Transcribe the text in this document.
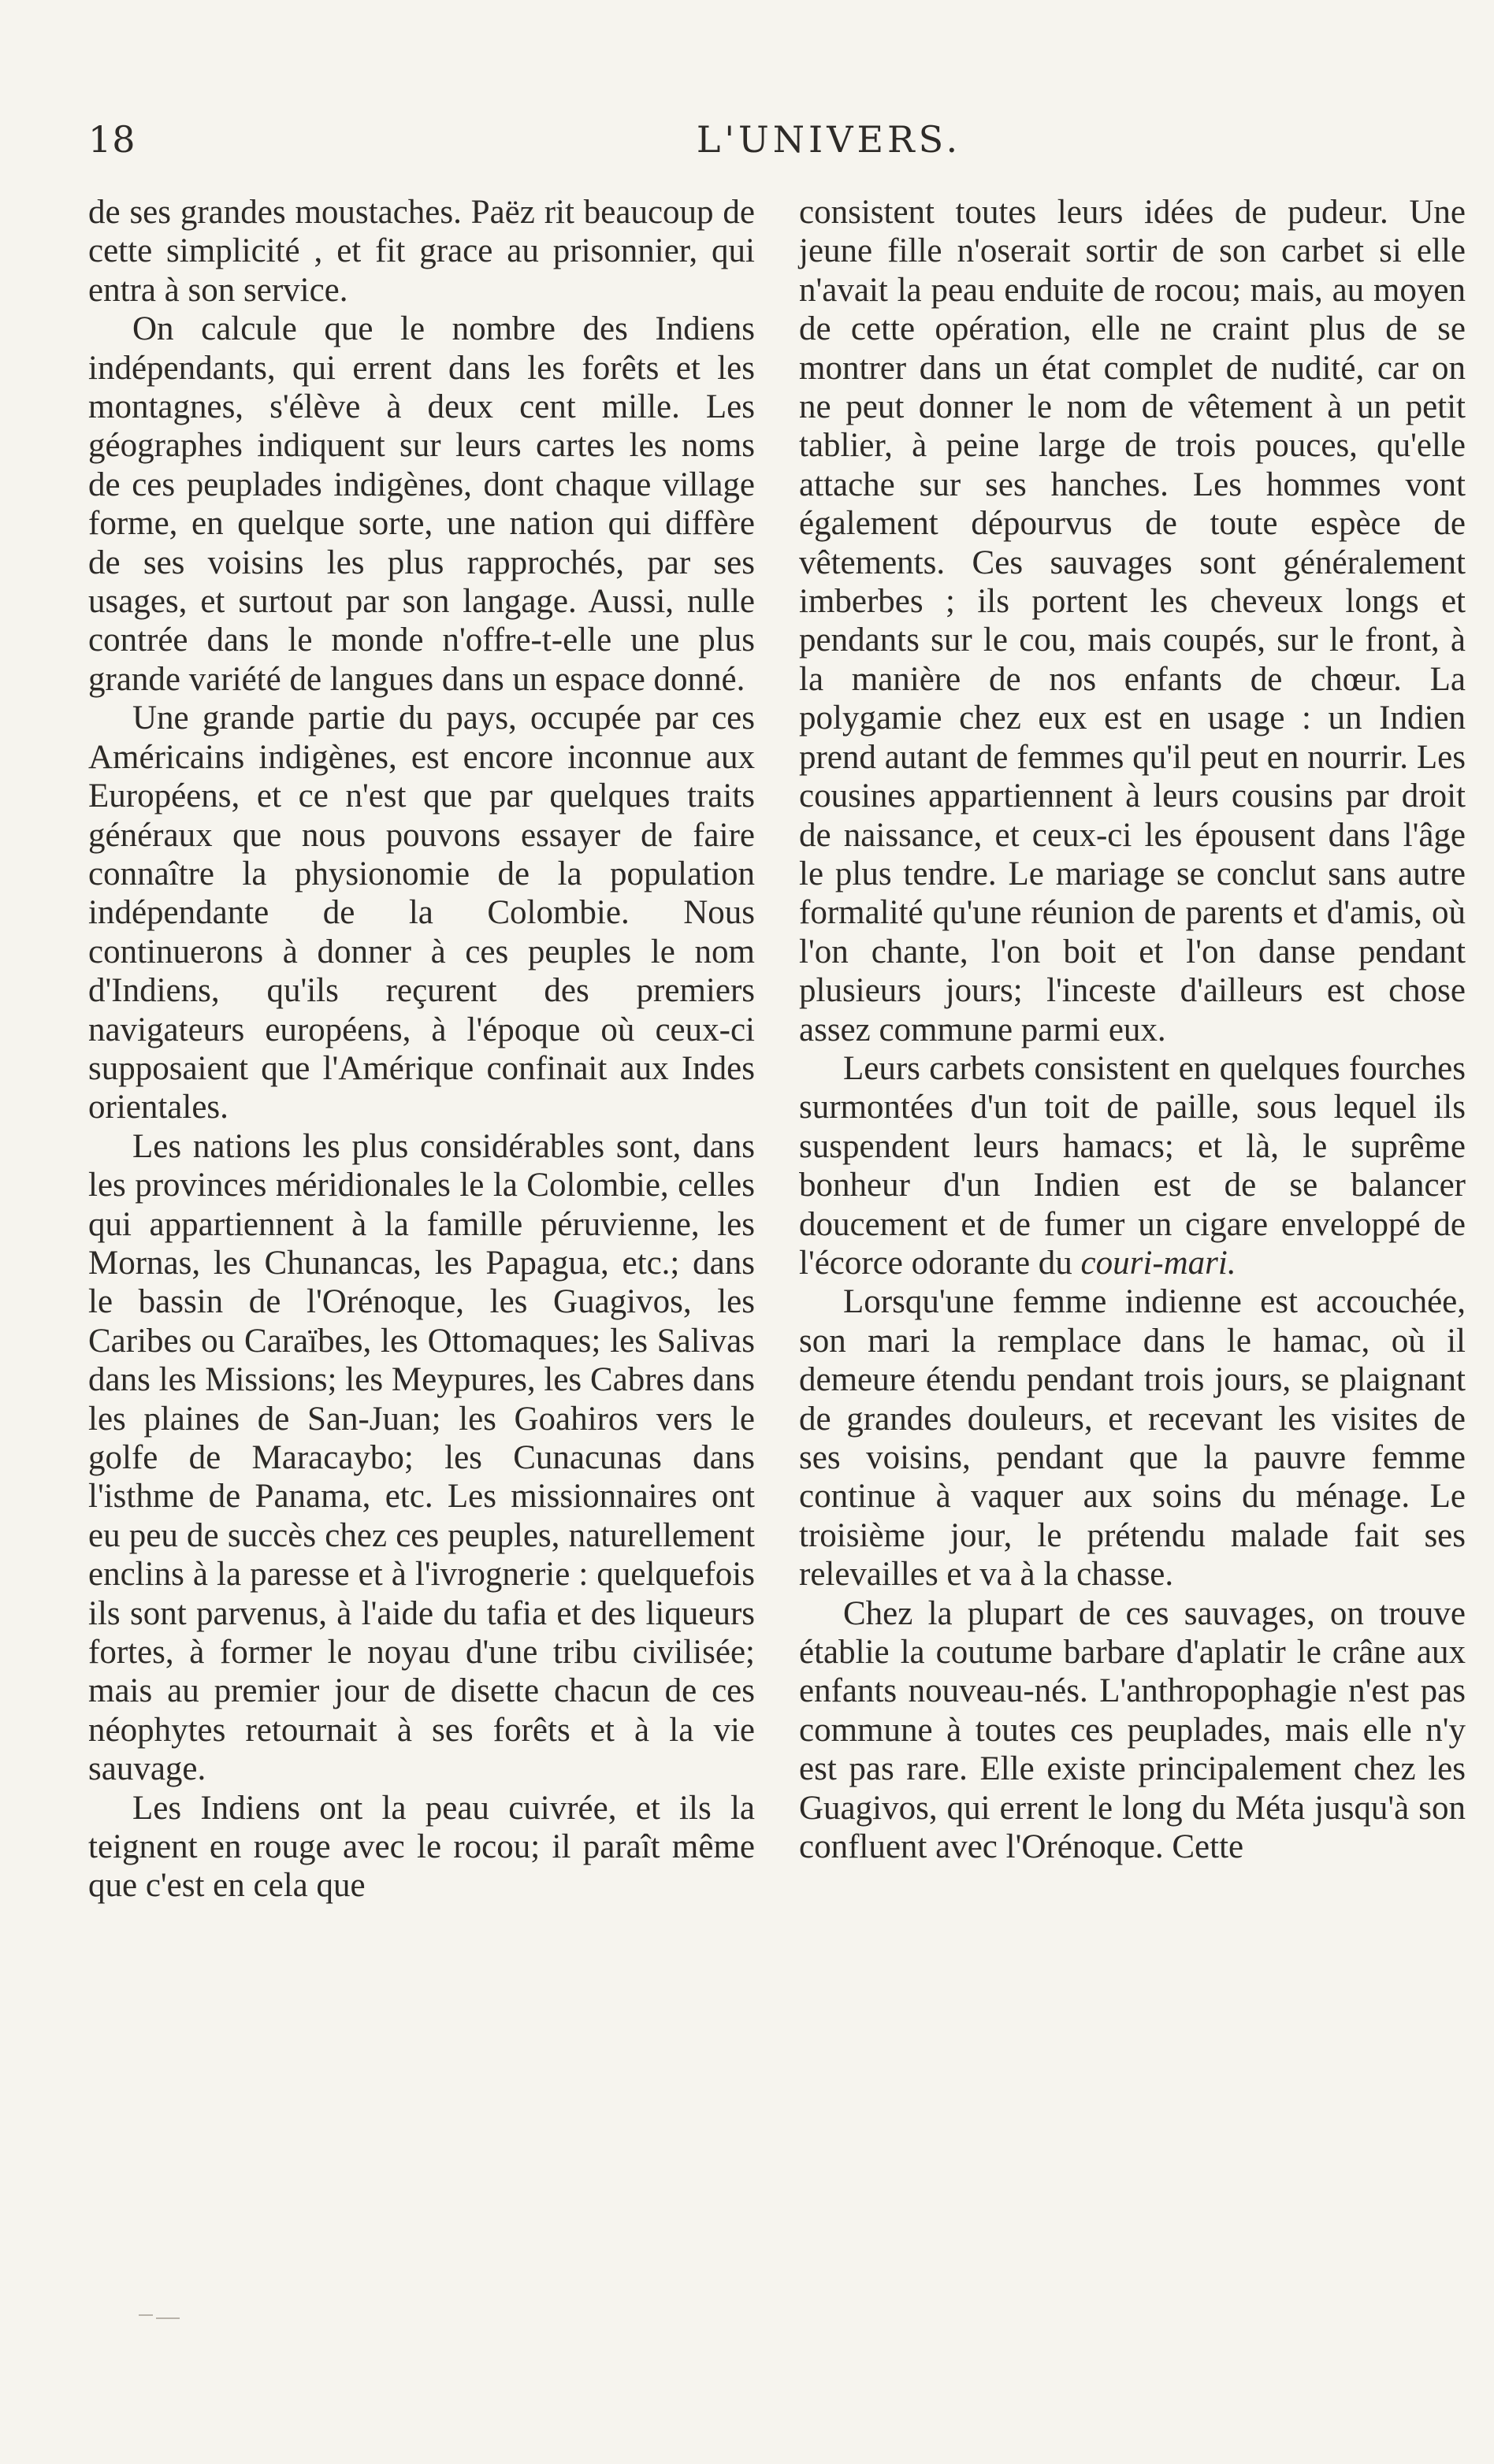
18	L'UNIVERS.

de ses grandes moustaches. Paëz rit beaucoup de cette simplicité , et fit grace au prisonnier, qui entra à son service.

On calcule que le nombre des Indiens indépendants, qui errent dans les forêts et les montagnes, s'élève à deux cent mille. Les géographes indiquent sur leurs cartes les noms de ces peuplades indigènes, dont chaque village forme, en quelque sorte, une nation qui diffère de ses voisins les plus rapprochés, par ses usages, et surtout par son langage. Aussi, nulle contrée dans le monde n'offre-t-elle une plus grande variété de langues dans un espace donné.

Une grande partie du pays, occupée par ces Américains indigènes, est encore inconnue aux Européens, et ce n'est que par quelques traits généraux que nous pouvons essayer de faire connaître la physionomie de la population indépendante de la Colombie. Nous continuerons à donner à ces peuples le nom d'Indiens, qu'ils reçurent des premiers navigateurs européens, à l'époque où ceux-ci supposaient que l'Amérique confinait aux Indes orientales.

Les nations les plus considérables sont, dans les provinces méridionales le la Colombie, celles qui appartiennent à la famille péruvienne, les Mornas, les Chunancas, les Papagua, etc.; dans le bassin de l'Orénoque, les Guagivos, les Caribes ou Caraïbes, les Ottomaques; les Salivas dans les Missions; les Meypures, les Cabres dans les plaines de San-Juan; les Goahiros vers le golfe de Maracaybo; les Cunacunas dans l'isthme de Panama, etc. Les missionnaires ont eu peu de succès chez ces peuples, naturellement enclins à la paresse et à l'ivrognerie : quelquefois ils sont parvenus, à l'aide du tafia et des liqueurs fortes, à former le noyau d'une tribu civilisée; mais au premier jour de disette chacun de ces néophytes retournait à ses forêts et à la vie sauvage.

Les Indiens ont la peau cuivrée, et ils la teignent en rouge avec le rocou; il paraît même que c'est en cela que

consistent toutes leurs idées de pudeur. Une jeune fille n'oserait sortir de son carbet si elle n'avait la peau enduite de rocou; mais, au moyen de cette opération, elle ne craint plus de se montrer dans un état complet de nudité, car on ne peut donner le nom de vêtement à un petit tablier, à peine large de trois pouces, qu'elle attache sur ses hanches. Les hommes vont également dépourvus de toute espèce de vêtements. Ces sauvages sont généralement imberbes ; ils portent les cheveux longs et pendants sur le cou, mais coupés, sur le front, à la manière de nos enfants de chœur. La polygamie chez eux est en usage : un Indien prend autant de femmes qu'il peut en nourrir. Les cousines appartiennent à leurs cousins par droit de naissance, et ceux-ci les épousent dans l'âge le plus tendre. Le mariage se conclut sans autre formalité qu'une réunion de parents et d'amis, où l'on chante, l'on boit et l'on danse pendant plusieurs jours; l'inceste d'ailleurs est chose assez commune parmi eux.

Leurs carbets consistent en quelques fourches surmontées d'un toit de paille, sous lequel ils suspendent leurs hamacs; et là, le suprême bonheur d'un Indien est de se balancer doucement et de fumer un cigare enveloppé de l'écorce odorante du couri-mari.

Lorsqu'une femme indienne est accouchée, son mari la remplace dans le hamac, où il demeure étendu pendant trois jours, se plaignant de grandes douleurs, et recevant les visites de ses voisins, pendant que la pauvre femme continue à vaquer aux soins du ménage. Le troisième jour, le prétendu malade fait ses relevailles et va à la chasse.

Chez la plupart de ces sauvages, on trouve établie la coutume barbare d'aplatir le crâne aux enfants nouveau-nés. L'anthropophagie n'est pas commune à toutes ces peuplades, mais elle n'y est pas rare. Elle existe principalement chez les Guagivos, qui errent le long du Méta jusqu'à son confluent avec l'Orénoque. Cette
